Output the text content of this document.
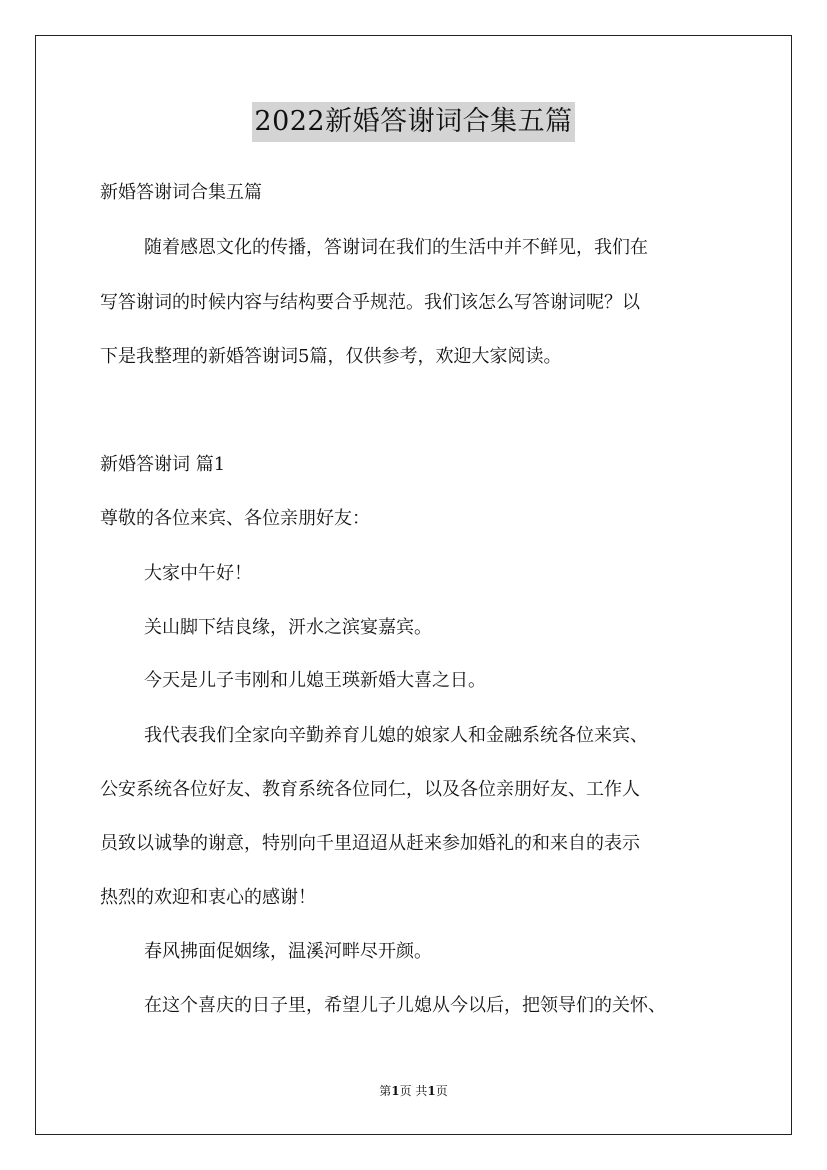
2022新婚答谢词合集五篇
新婚答谢词合集五篇
随着感恩文化的传播，答谢词在我们的生活中并不鲜见，我们在
写答谢词的时候内容与结构要合乎规范。我们该怎么写答谢词呢？以
下是我整理的新婚答谢词5篇，仅供参考，欢迎大家阅读。
新婚答谢词 篇1
尊敬的各位来宾、各位亲朋好友：
大家中午好！
关山脚下结良缘，汧水之滨宴嘉宾。
今天是儿子韦刚和儿媳王瑛新婚大喜之日。
我代表我们全家向辛勤养育儿媳的娘家人和金融系统各位来宾、
公安系统各位好友、教育系统各位同仁，以及各位亲朋好友、工作人
员致以诚挚的谢意，特别向千里迢迢从赶来参加婚礼的和来自的表示
热烈的欢迎和衷心的感谢！
春风拂面促姻缘，温溪河畔尽开颜。
在这个喜庆的日子里，希望儿子儿媳从今以后，把领导们的关怀、
第1页 共1页
